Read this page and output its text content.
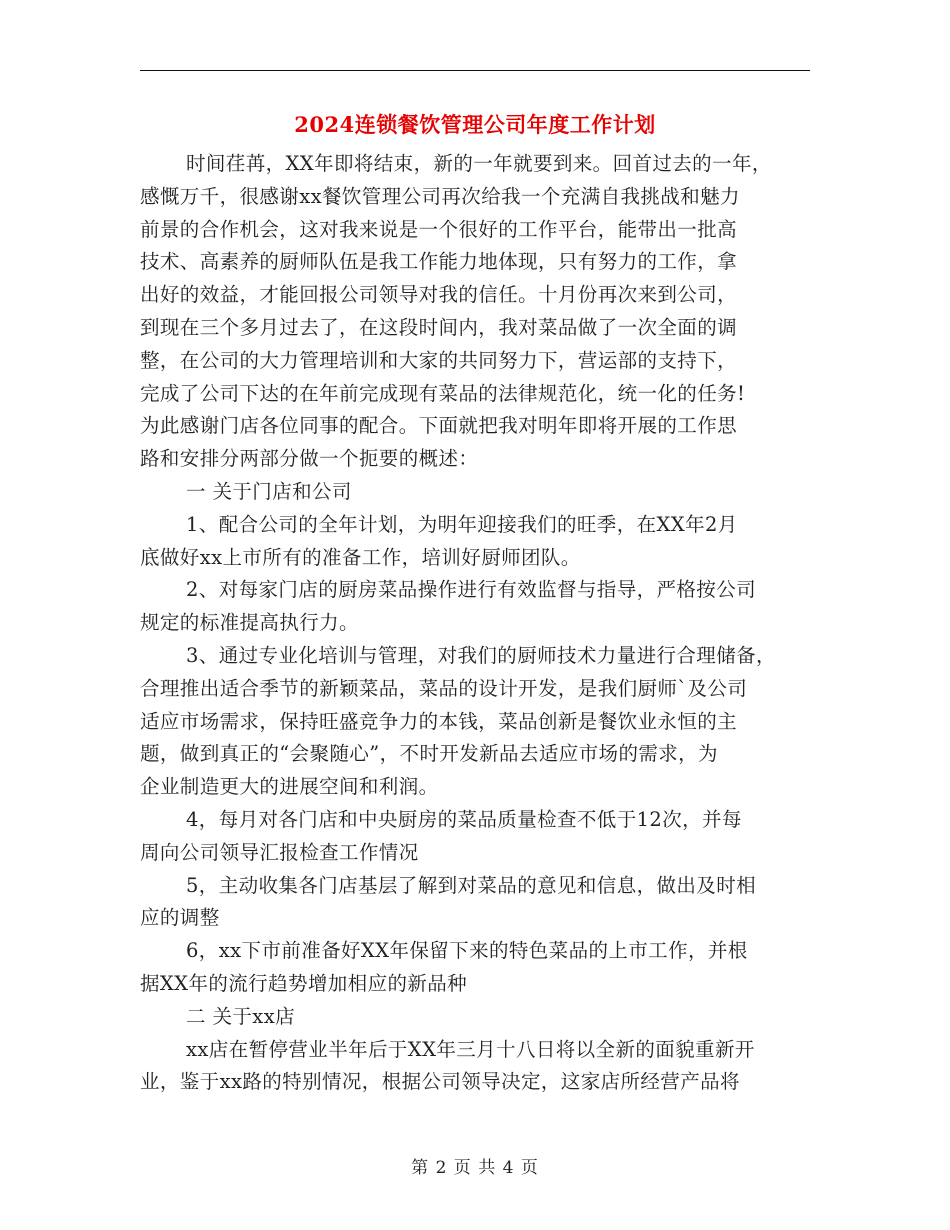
2024连锁餐饮管理公司年度工作计划
时间荏苒，XX年即将结束，新的一年就要到来。回首过去的一年，
感慨万千，很感谢xx餐饮管理公司再次给我一个充满自我挑战和魅力
前景的合作机会，这对我来说是一个很好的工作平台，能带出一批高
技术、高素养的厨师队伍是我工作能力地体现，只有努力的工作，拿
出好的效益，才能回报公司领导对我的信任。十月份再次来到公司，
到现在三个多月过去了，在这段时间内，我对菜品做了一次全面的调
整，在公司的大力管理培训和大家的共同努力下，营运部的支持下，
完成了公司下达的在年前完成现有菜品的法律规范化，统一化的任务!
为此感谢门店各位同事的配合。下面就把我对明年即将开展的工作思
路和安排分两部分做一个扼要的概述：
一 关于门店和公司
1、配合公司的全年计划，为明年迎接我们的旺季，在XX年2月
底做好xx上市所有的准备工作，培训好厨师团队。
2、对每家门店的厨房菜品操作进行有效监督与指导，严格按公司
规定的标准提高执行力。
3、通过专业化培训与管理，对我们的厨师技术力量进行合理储备，
合理推出适合季节的新颖菜品，菜品的设计开发，是我们厨师`及公司
适应市场需求，保持旺盛竞争力的本钱，菜品创新是餐饮业永恒的主
题，做到真正的“会聚随心”，不时开发新品去适应市场的需求，为
企业制造更大的进展空间和利润。
4，每月对各门店和中央厨房的菜品质量检查不低于12次，并每
周向公司领导汇报检查工作情况
5，主动收集各门店基层了解到对菜品的意见和信息，做出及时相
应的调整
6，xx下市前准备好XX年保留下来的特色菜品的上市工作，并根
据XX年的流行趋势增加相应的新品种
二 关于xx店
xx店在暂停营业半年后于XX年三月十八日将以全新的面貌重新开
业，鉴于xx路的特别情况，根据公司领导决定，这家店所经营产品将
第 2 页 共 4 页
